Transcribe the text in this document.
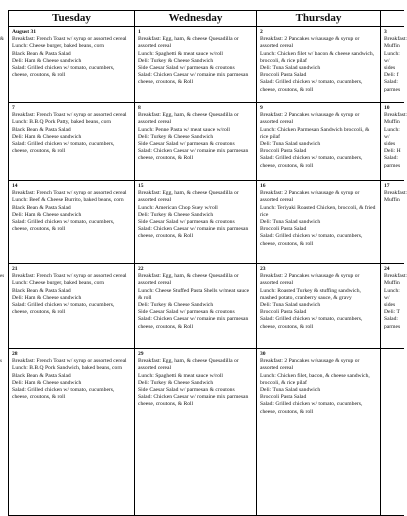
Tuesday	Wednesday	Thursday
&
August 31
Breakfast: French Toast w/ syrup or assorted cereal
Lunch: Cheese burger, baked beans, corn
Black Bean & Pasta Salad
Deli: Ham & Cheese sandwich
Salad: Grilled chicken w/ tomato, cucumbers, cheese, croutons, & roll
1
Breakfast: Egg, ham, & cheese Quesadilla or assorted cereal
Lunch: Spaghetti & meat sauce w/roll
Deli: Turkey & Cheese Sandwich
Side Caesar Salad w/ parmesan & croutons
Salad: Chicken Caesar w/ romaine mix parmesan cheese, croutons, & Roll
2
Breakfast: 2 Pancakes w/sausage & syrup or assorted cereal
Lunch: Chicken filet w/ bacon & cheese sandwich, broccoli, & rice pilaf
Deli: Tuna Salad sandwich
Broccoli Pasta Salad
Salad: Grilled chicken w/ tomato, cucumbers, cheese, croutons, & roll
3
Breakfast:
Muffin
Lunch:
w/ sides
Deli: f
Salad:
parmes
7
Breakfast: French Toast w/ syrup or assorted cereal
Lunch: B.B.Q Pork Patty, baked beans, corn
Black Bean & Pasta Salad
Deli: Ham & Cheese sandwich
Salad: Grilled chicken w/ tomato, cucumbers, cheese, croutons, & roll
8
Breakfast: Egg, ham, & cheese Quesadilla or assorted cereal
Lunch: Penne Pasta w/ meat sauce w/roll
Deli: Turkey & Cheese Sandwich
Side Caesar Salad w/ parmesan & croutons
Salad: Chicken Caesar w/ romaine mix parmesan cheese, croutons, & Roll
9
Breakfast: 2 Pancakes w/sausage & syrup or assorted cereal
Lunch: Chicken Parmesan Sandwich broccoli, & rice pilaf
Deli: Tuna Salad sandwich
Broccoli Pasta Salad
Salad: Grilled chicken w/ tomato, cucumbers, cheese, croutons, & roll
10
Breakfast:
Muffin
Lunch:
w/ sides
Deli: H
Salad:
parmes
14
Breakfast: French Toast w/ syrup or assorted cereal
Lunch: Beef & Cheese Burrito, baked beans, corn
Black Bean & Pasta Salad
Deli: Ham & Cheese sandwich
Salad: Grilled chicken w/ tomato, cucumbers, cheese, croutons, & roll
15
Breakfast: Egg, ham, & cheese Quesadilla or assorted cereal
Lunch: American Chop Suey w/roll
Deli: Turkey & Cheese Sandwich
Side Caesar Salad w/ parmesan & croutons
Salad: Chicken Caesar w/ romaine mix parmesan cheese, croutons, & Roll
16
Breakfast: 2 Pancakes w/sausage & syrup or assorted cereal
Lunch: Teriyaki Roasted Chicken, broccoli, & fried rice
Deli: Tuna Salad sandwich
Broccoli Pasta Salad
Salad: Grilled chicken w/ tomato, cucumbers, cheese, croutons, & roll
17
Breakfast:
Muffin
es
21
Breakfast: French Toast w/ syrup or assorted cereal
Lunch: Cheese burger, baked beans, corn
Black Bean & Pasta Salad
Deli: Ham & Cheese sandwich
Salad: Grilled chicken w/ tomato, cucumbers, cheese, croutons, & roll
22
Breakfast: Egg, ham, & cheese Quesadilla or assorted cereal
Lunch: Cheese Stuffed Pasta Shells w/meat sauce & roll
Deli: Turkey & Cheese Sandwich
Side Caesar Salad w/ parmesan & croutons
Salad: Chicken Caesar w/ romaine mix parmesan cheese, croutons, & Roll
23
Breakfast: 2 Pancakes w/sausage & syrup or assorted cereal
Lunch: Roasted Turkey & stuffing sandwich, mashed potato, cranberry sauce, & gravy
Deli: Tuna Salad sandwich
Broccoli Pasta Salad
Salad: Grilled chicken w/ tomato, cucumbers, cheese, croutons, & roll
24
Breakfast:
Muffin
Lunch:
w/ sides
Deli: T
Salad:
parmes
s
28
Breakfast: French Toast w/ syrup or assorted cereal
Lunch: B.B.Q Pork Sandwich, baked beans, corn
Black Bean & Pasta Salad
Deli: Ham & Cheese sandwich
Salad: Grilled chicken w/ tomato, cucumbers, cheese, croutons, & roll
29
Breakfast: Egg, ham, & cheese Quesadilla or assorted cereal
Lunch: Spaghetti & meat sauce w/roll
Deli: Turkey & Cheese Sandwich
Side Caesar Salad w/ parmesan & croutons
Salad: Chicken Caesar w/ romaine mix parmesan cheese, croutons, & Roll
30
Breakfast: 2 Pancakes w/sausage & syrup or assorted cereal
Lunch: Chicken filet, bacon, & cheese sandwich, broccoli, & rice pilaf
Deli: Tuna Salad sandwich
Broccoli Pasta Salad
Salad: Grilled chicken w/ tomato, cucumbers, cheese, croutons, & roll
